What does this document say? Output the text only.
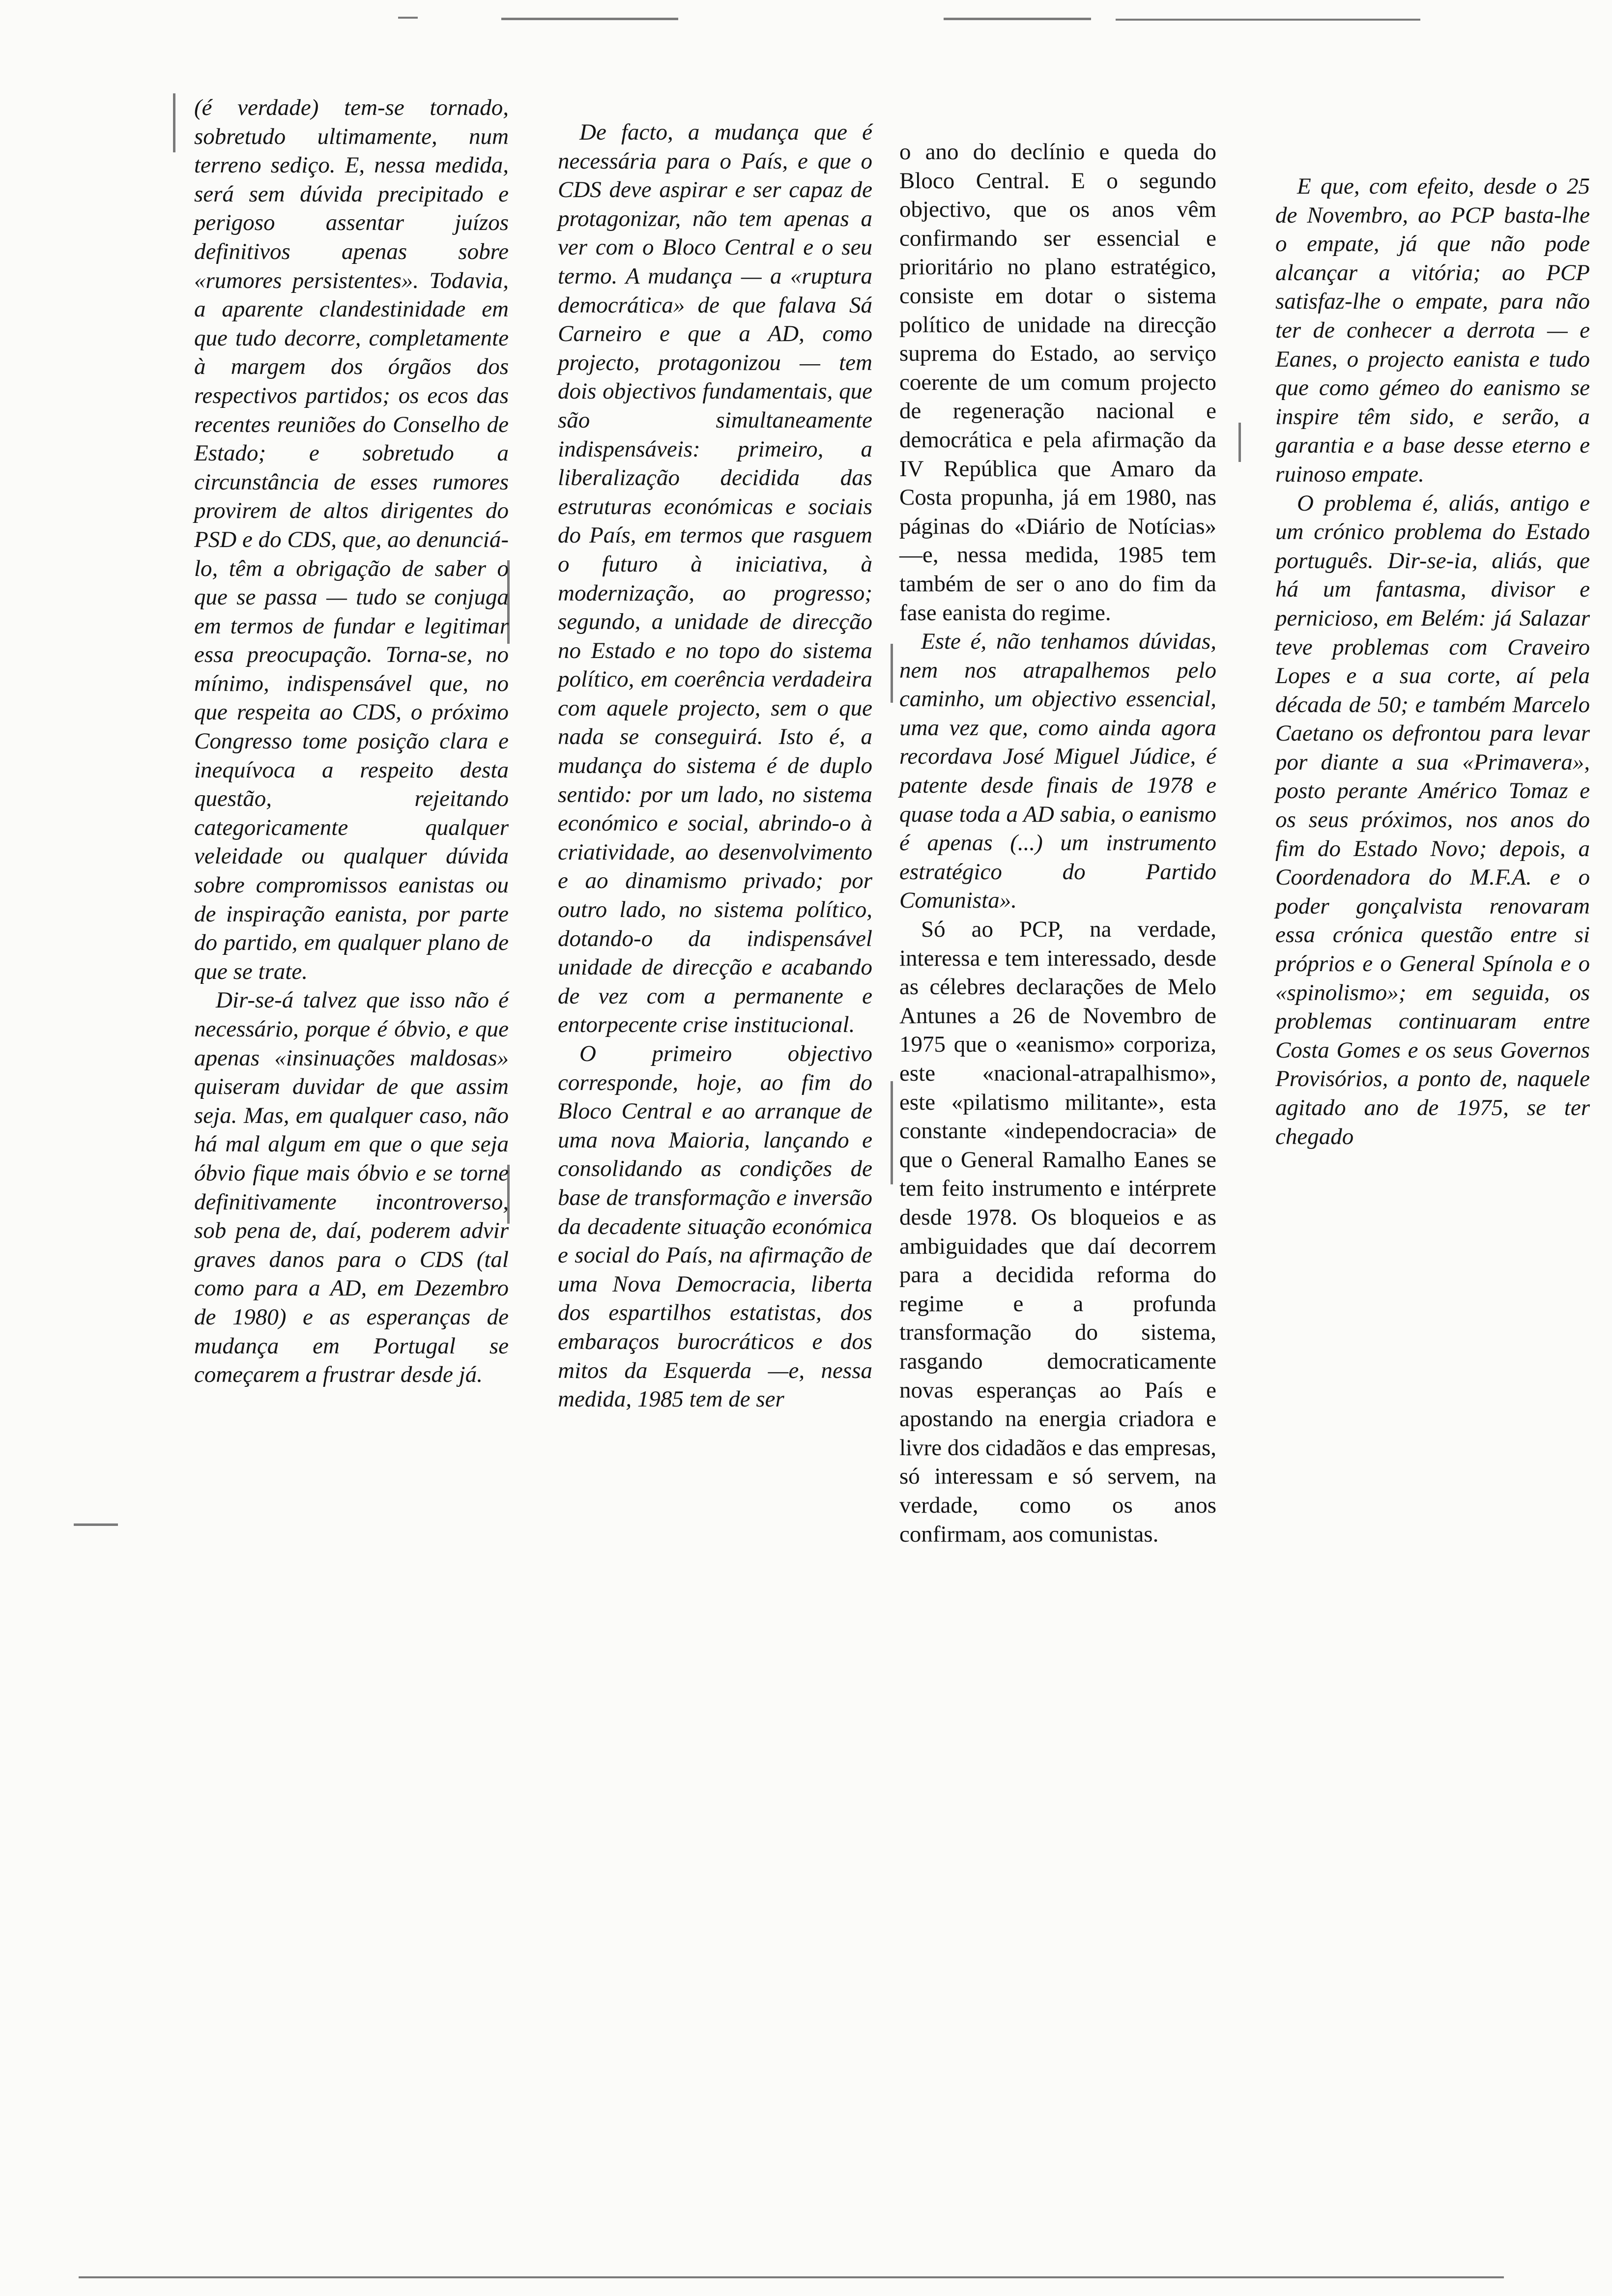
(é verdade) tem-se tornado, sobretudo ultimamente, num terreno sediço. E, nessa medida, será sem dúvida precipitado e perigoso assentar juízos definitivos apenas sobre «rumores persistentes». Todavia, a aparente clandestinidade em que tudo decorre, completamente à margem dos órgãos dos respectivos partidos; os ecos das recentes reuniões do Conselho de Estado; e sobretudo a circunstância de esses rumores provirem de altos dirigentes do PSD e do CDS, que, ao denunciá-lo, têm a obrigação de saber o que se passa — tudo se conjuga em termos de fundar e legitimar essa preocupação. Torna-se, no mínimo, indispensável que, no que respeita ao CDS, o próximo Congresso tome posição clara e inequívoca a respeito desta questão, rejeitando categoricamente qualquer veleidade ou qualquer dúvida sobre compromissos eanistas ou de inspiração eanista, por parte do partido, em qualquer plano de que se trate.

Dir-se-á talvez que isso não é necessário, porque é óbvio, e que apenas «insinuações maldosas» quiseram duvidar de que assim seja. Mas, em qualquer caso, não há mal algum em que o que seja óbvio fique mais óbvio e se torne definitivamente incontroverso, sob pena de, daí, poderem advir graves danos para o CDS (tal como para a AD, em Dezembro de 1980) e as esperanças de mudança em Portugal se começarem a frustrar desde já.

De facto, a mudança que é necessária para o País, e que o CDS deve aspirar e ser capaz de protagonizar, não tem apenas a ver com o Bloco Central e o seu termo. A mudança — a «ruptura democrática» de que falava Sá Carneiro e que a AD, como projecto, protagonizou — tem dois objectivos fundamentais, que são simultaneamente indispensáveis: primeiro, a liberalização decidida das estruturas económicas e sociais do País, em termos que rasguem o futuro à iniciativa, à modernização, ao progresso; segundo, a unidade de direcção no Estado e no topo do sistema político, em coerência verdadeira com aquele projecto, sem o que nada se conseguirá. Isto é, a mudança do sistema é de duplo sentido: por um lado, no sistema económico e social, abrindo-o à criatividade, ao desenvolvimento e ao dinamismo privado; por outro lado, no sistema político, dotando-o da indispensável unidade de direcção e acabando de vez com a permanente e entorpecente crise institucional.

O primeiro objectivo corresponde, hoje, ao fim do Bloco Central e ao arranque de uma nova Maioria, lançando e consolidando as condições de base de transformação e inversão da decadente situação económica e social do País, na afirmação de uma Nova Democracia, liberta dos espartilhos estatistas, dos embaraços burocráticos e dos mitos da Esquerda —e, nessa medida, 1985 tem de ser

o ano do declínio e queda do Bloco Central. E o segundo objectivo, que os anos vêm confirmando ser essencial e prioritário no plano estratégico, consiste em dotar o sistema político de unidade na direcção suprema do Estado, ao serviço coerente de um comum projecto de regeneração nacional e democrática e pela afirmação da IV República que Amaro da Costa propunha, já em 1980, nas páginas do «Diário de Notícias» —e, nessa medida, 1985 tem também de ser o ano do fim da fase eanista do regime.

Este é, não tenhamos dúvidas, nem nos atrapalhemos pelo caminho, um objectivo essencial, uma vez que, como ainda agora recordava José Miguel Júdice, é patente desde finais de 1978 e quase toda a AD sabia, o eanismo é apenas (...) um instrumento estratégico do Partido Comunista».

Só ao PCP, na verdade, interessa e tem interessado, desde as célebres declarações de Melo Antunes a 26 de Novembro de 1975 que o «eanismo» corporiza, este «nacional-atrapalhismo», este «pilatismo militante», esta constante «independocracia» de que o General Ramalho Eanes se tem feito instrumento e intérprete desde 1978. Os bloqueios e as ambiguidades que daí decorrem para a decidida reforma do regime e a profunda transformação do sistema, rasgando democraticamente novas esperanças ao País e apostando na energia criadora e livre dos cidadãos e das empresas, só interessam e só servem, na verdade, como os anos confirmam, aos comunistas.

E que, com efeito, desde o 25 de Novembro, ao PCP basta-lhe o empate, já que não pode alcançar a vitória; ao PCP satisfaz-lhe o empate, para não ter de conhecer a derrota — e Eanes, o projecto eanista e tudo que como gémeo do eanismo se inspire têm sido, e serão, a garantia e a base desse eterno e ruinoso empate.

O problema é, aliás, antigo e um crónico problema do Estado português. Dir-se-ia, aliás, que há um fantasma, divisor e pernicioso, em Belém: já Salazar teve problemas com Craveiro Lopes e a sua corte, aí pela década de 50; e também Marcelo Caetano os defrontou para levar por diante a sua «Primavera», posto perante Américo Tomaz e os seus próximos, nos anos do fim do Estado Novo; depois, a Coordenadora do M.F.A. e o poder gonçalvista renovaram essa crónica questão entre si próprios e o General Spínola e o «spinolismo»; em seguida, os problemas continuaram entre Costa Gomes e os seus Governos Provisórios, a ponto de, naquele agitado ano de 1975, se ter chegado
